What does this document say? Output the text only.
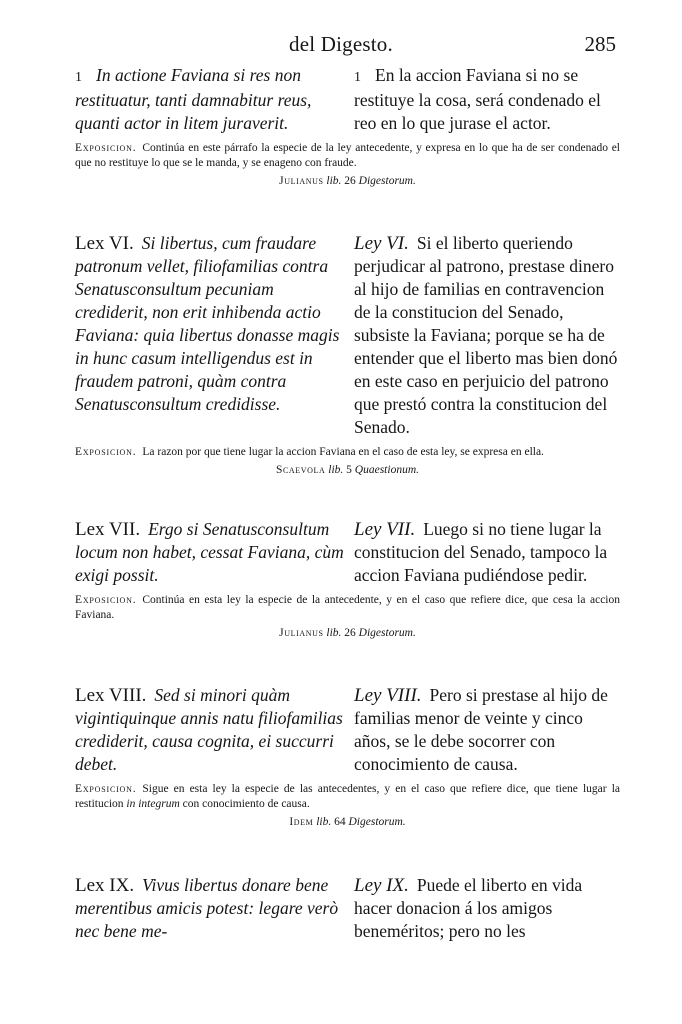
del Digesto.	285
1 In actione Faviana si res non restituatur, tanti damnabitur reus, quanti actor in litem juraverit.
1 En la accion Faviana si no se restituye la cosa, será condenado el reo en lo que jurase el actor.
Exposicion. Continúa en este párrafo la especie de la ley antecedente, y expresa en lo que ha de ser condenado el que no restituye lo que se le manda, y se enageno con fraude.
Julianus lib. 26 Digestorum.
Lex VI. Si libertus, cum fraudare patronum vellet, filiofamilias contra Senatusconsultum pecuniam crediderit, non erit inhibenda actio Faviana: quia libertus donasse magis in hunc casum intelligendus est in fraudem patroni, quàm contra Senatusconsultum credidisse.
Ley VI. Si el liberto queriendo perjudicar al patrono, prestase dinero al hijo de familias en contravencion de la constitucion del Senado, subsiste la Faviana; porque se ha de entender que el liberto mas bien donó en este caso en perjuicio del patrono que prestó contra la constitucion del Senado.
Exposicion. La razon por que tiene lugar la accion Faviana en el caso de esta ley, se expresa en ella.
Scaevola lib. 5 Quaestionum.
Lex VII. Ergo si Senatusconsultum locum non habet, cessat Faviana, cùm exigi possit.
Ley VII. Luego si no tiene lugar la constitucion del Senado, tampoco la accion Faviana pudiéndose pedir.
Exposicion. Continúa en esta ley la especie de la antecedente, y en el caso que refiere dice, que cesa la accion Faviana.
Julianus lib. 26 Digestorum.
Lex VIII. Sed si minori quàm vigintiquinque annis natu filiofamilias crediderit, causa cognita, ei succurri debet.
Ley VIII. Pero si prestase al hijo de familias menor de veinte y cinco años, se le debe socorrer con conocimiento de causa.
Exposicion. Sigue en esta ley la especie de las antecedentes, y en el caso que refiere dice, que tiene lugar la restitucion in integrum con conocimiento de causa.
Idem lib. 64 Digestorum.
Lex IX. Vivus libertus donare bene merentibus amicis potest: legare verò nec bene me-
Ley IX. Puede el liberto en vida hacer donacion á los amigos beneméritos; pero no les
